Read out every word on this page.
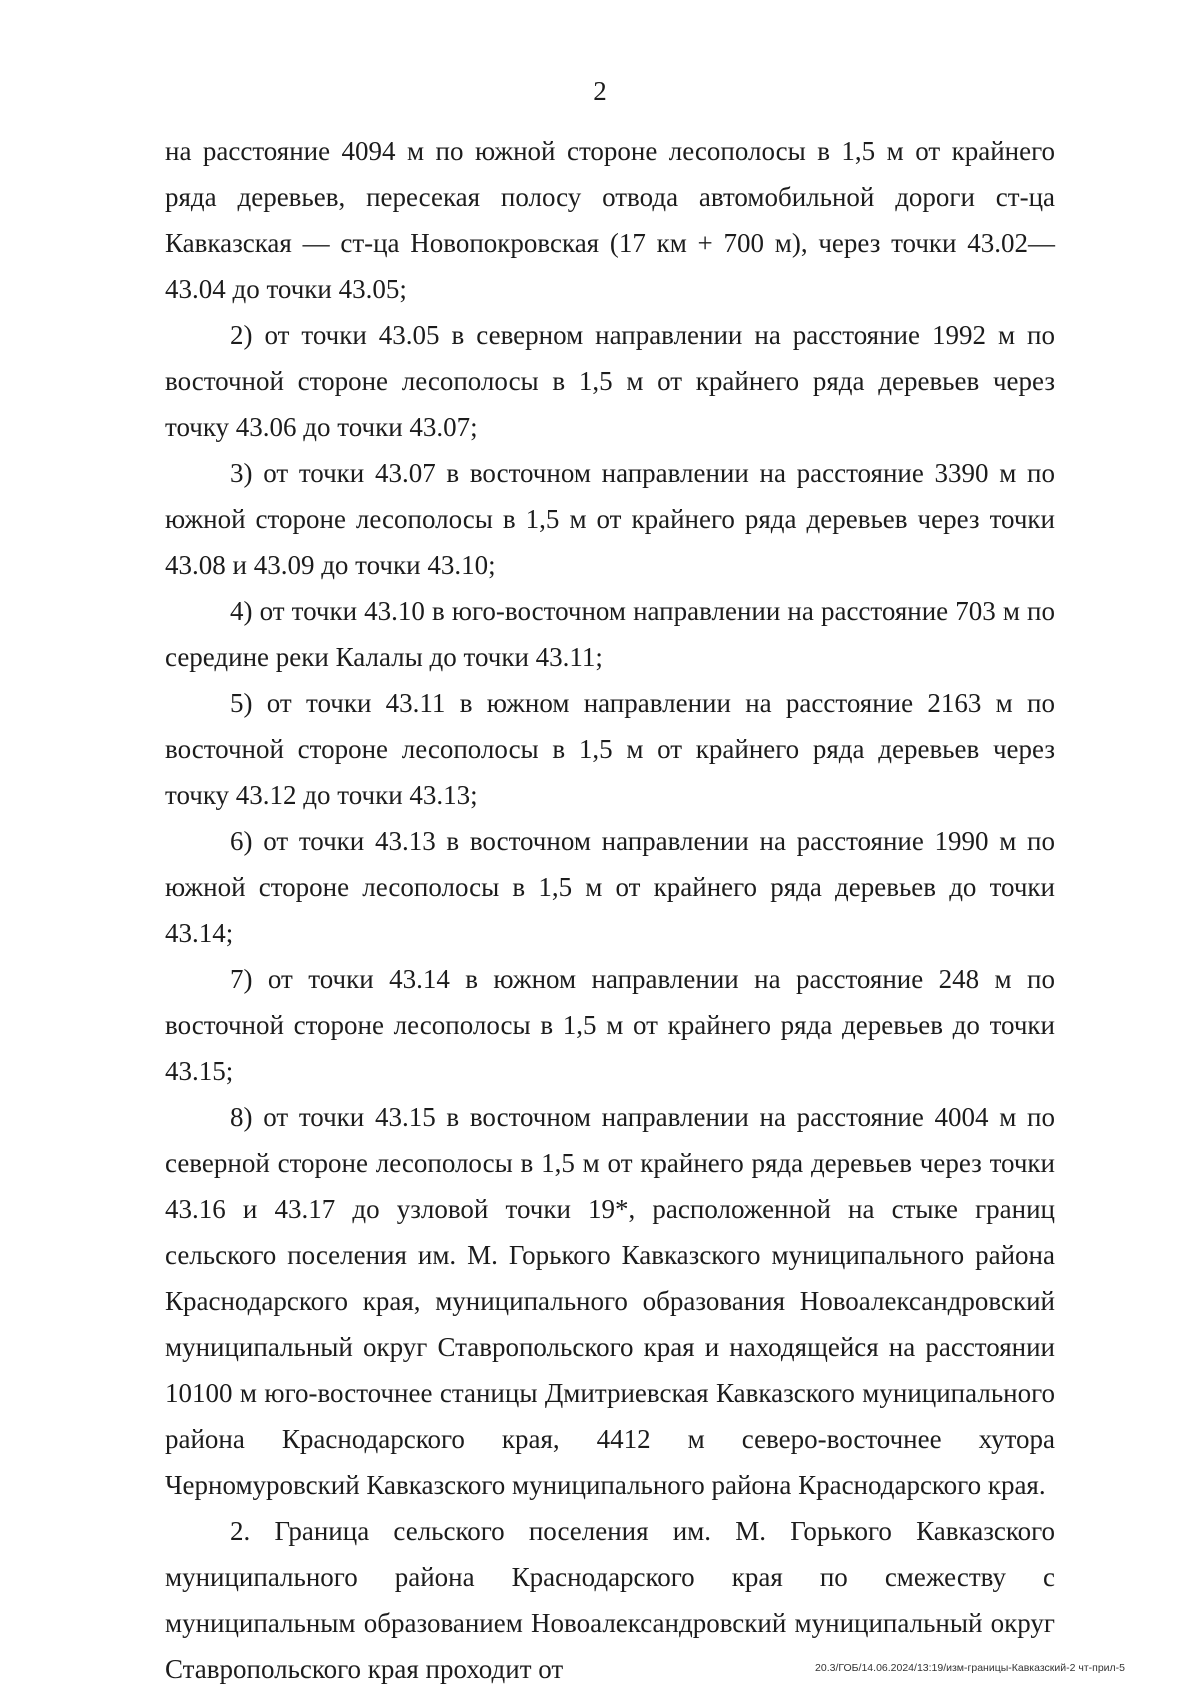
2

на расстояние 4094 м по южной стороне лесополосы в 1,5 м от крайнего ряда деревьев, пересекая полосу отвода автомобильной дороги ст-ца Кавказская — ст-ца Новопокровская (17 км + 700 м), через точки 43.02—43.04 до точки 43.05;

2) от точки 43.05 в северном направлении на расстояние 1992 м по восточной стороне лесополосы в 1,5 м от крайнего ряда деревьев через точку 43.06 до точки 43.07;

3) от точки 43.07 в восточном направлении на расстояние 3390 м по южной стороне лесополосы в 1,5 м от крайнего ряда деревьев через точки 43.08 и 43.09 до точки 43.10;

4) от точки 43.10 в юго-восточном направлении на расстояние 703 м по середине реки Калалы до точки 43.11;

5) от точки 43.11 в южном направлении на расстояние 2163 м по восточной стороне лесополосы в 1,5 м от крайнего ряда деревьев через точку 43.12 до точки 43.13;

6) от точки 43.13 в восточном направлении на расстояние 1990 м по южной стороне лесополосы в 1,5 м от крайнего ряда деревьев до точки 43.14;

7) от точки 43.14 в южном направлении на расстояние 248 м по восточной стороне лесополосы в 1,5 м от крайнего ряда деревьев до точки 43.15;

8) от точки 43.15 в восточном направлении на расстояние 4004 м по северной стороне лесополосы в 1,5 м от крайнего ряда деревьев через точки 43.16 и 43.17 до узловой точки 19*, расположенной на стыке границ сельского поселения им. М. Горького Кавказского муниципального района Краснодарского края, муниципального образования Новоалександровский муниципальный округ Ставропольского края и находящейся на расстоянии 10100 м юго-восточнее станицы Дмитриевская Кавказского муниципального района Краснодарского края, 4412 м северо-восточнее хутора Черномуровский Кавказского муниципального района Краснодарского края.

2. Граница сельского поселения им. М. Горького Кавказского муниципального района Краснодарского края по смежеству с муниципальным образованием Новоалександровский муниципальный округ Ставропольского края проходит от	20.3/ГОБ/14.06.2024/13:19/изм-границы-Кавказский-2 чт-прил-5
